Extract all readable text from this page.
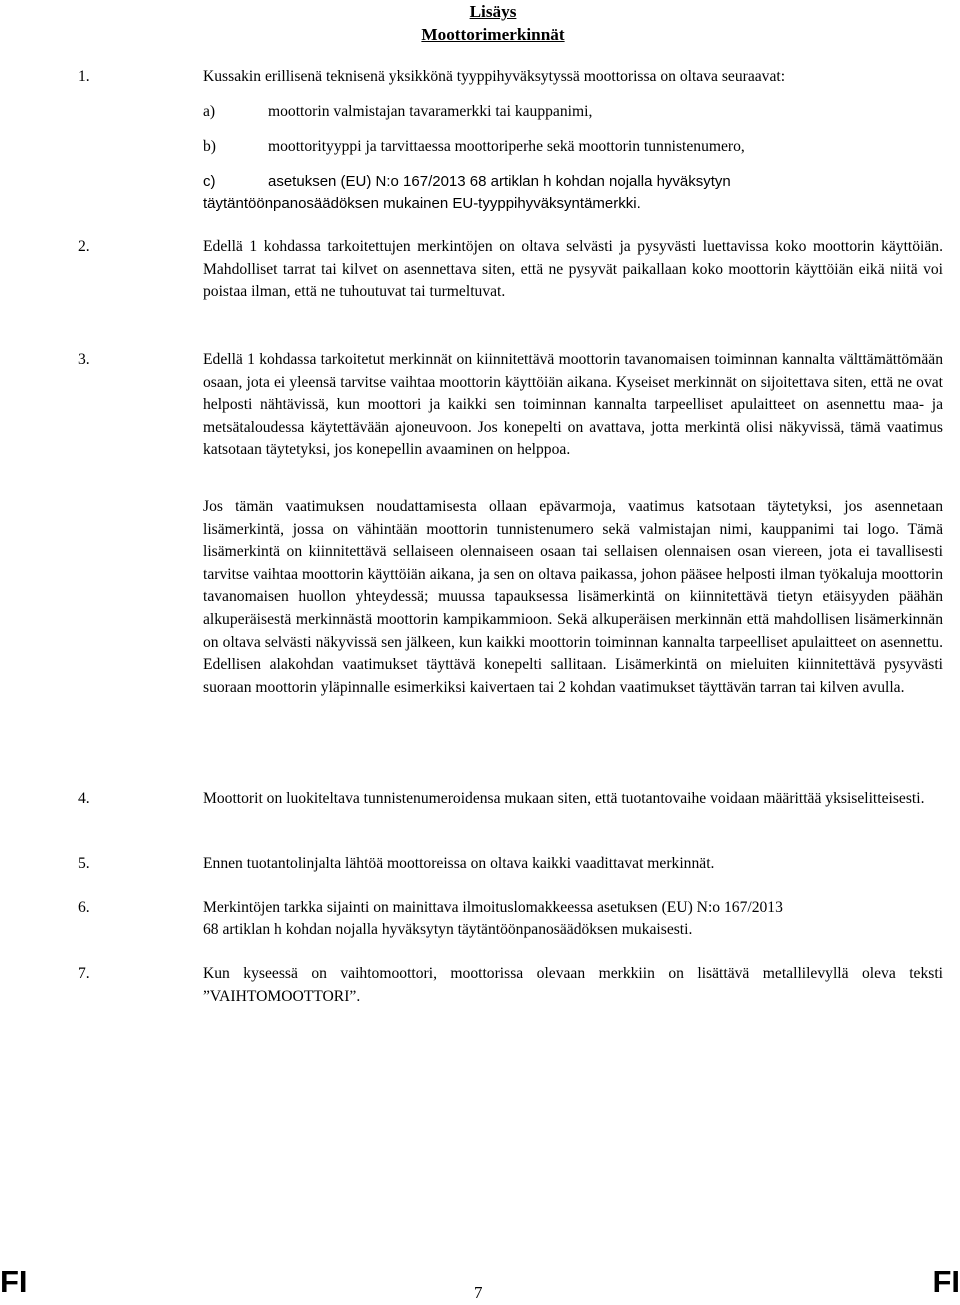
Lisäys
Moottorimerkinnät
1.	Kussakin erillisenä teknisenä yksikkönä tyyppihyväksytyssä moottorissa on oltava seuraavat:
a)	moottorin valmistajan tavaramerkki tai kauppanimi,
b)	moottorityyppi ja tarvittaessa moottoriperhe sekä moottorin tunnistenumero,
c)	asetuksen (EU) N:o 167/2013 68 artiklan h kohdan nojalla hyväksytyn
täytäntöönpanosäädöksen mukainen EU-tyyppihyväksyntämerkki.
2.	Edellä 1 kohdassa tarkoitettujen merkintöjen on oltava selvästi ja pysyvästi luettavissa koko moottorin käyttöiän. Mahdolliset tarrat tai kilvet on asennettava siten, että ne pysyvät paikallaan koko moottorin käyttöiän eikä niitä voi poistaa ilman, että ne tuhoutuvat tai turmeltuvat.
3.	Edellä 1 kohdassa tarkoitetut merkinnät on kiinnitettävä moottorin tavanomaisen toiminnan kannalta välttämättömään osaan, jota ei yleensä tarvitse vaihtaa moottorin käyttöiän aikana. Kyseiset merkinnät on sijoitettava siten, että ne ovat helposti nähtävissä, kun moottori ja kaikki sen toiminnan kannalta tarpeelliset apulaitteet on asennettu maa- ja metsätaloudessa käytettävään ajoneuvoon. Jos konepelti on avattava, jotta merkintä olisi näkyvissä, tämä vaatimus katsotaan täytetyksi, jos konepellin avaaminen on helppoa.
Jos tämän vaatimuksen noudattamisesta ollaan epävarmoja, vaatimus katsotaan täytetyksi, jos asennetaan lisämerkintä, jossa on vähintään moottorin tunnistenumero sekä valmistajan nimi, kauppanimi tai logo. Tämä lisämerkintä on kiinnitettävä sellaiseen olennaiseen osaan tai sellaisen olennaisen osan viereen, jota ei tavallisesti tarvitse vaihtaa moottorin käyttöiän aikana, ja sen on oltava paikassa, johon pääsee helposti ilman työkaluja moottorin tavanomaisen huollon yhteydessä; muussa tapauksessa lisämerkintä on kiinnitettävä tietyn etäisyyden päähän alkuperäisestä merkinnästä moottorin kampikammioon. Sekä alkuperäisen merkinnän että mahdollisen lisämerkinnän on oltava selvästi näkyvissä sen jälkeen, kun kaikki moottorin toiminnan kannalta tarpeelliset apulaitteet on asennettu. Edellisen alakohdan vaatimukset täyttävä konepelti sallitaan. Lisämerkintä on mieluiten kiinnitettävä pysyvästi suoraan moottorin yläpinnalle esimerkiksi kaivertaen tai 2 kohdan vaatimukset täyttävän tarran tai kilven avulla.
4.	Moottorit on luokiteltava tunnistenumeroidensa mukaan siten, että tuotantovaihe voidaan määrittää yksiselitteisesti.
5.	Ennen tuotantolinjalta lähtöä moottoreissa on oltava kaikki vaadittavat merkinnät.
6.	Merkintöjen tarkka sijainti on mainittava ilmoituslomakkeessa asetuksen (EU) N:o 167/2013
68 artiklan h kohdan nojalla hyväksytyn täytäntöönpanosäädöksen mukaisesti.
7.	Kun kyseessä on vaihtomoottori, moottorissa olevaan merkkiin on lisättävä metallilevyllä oleva teksti ”VAIHTOMOOTTORI”.
FI	7	FI
